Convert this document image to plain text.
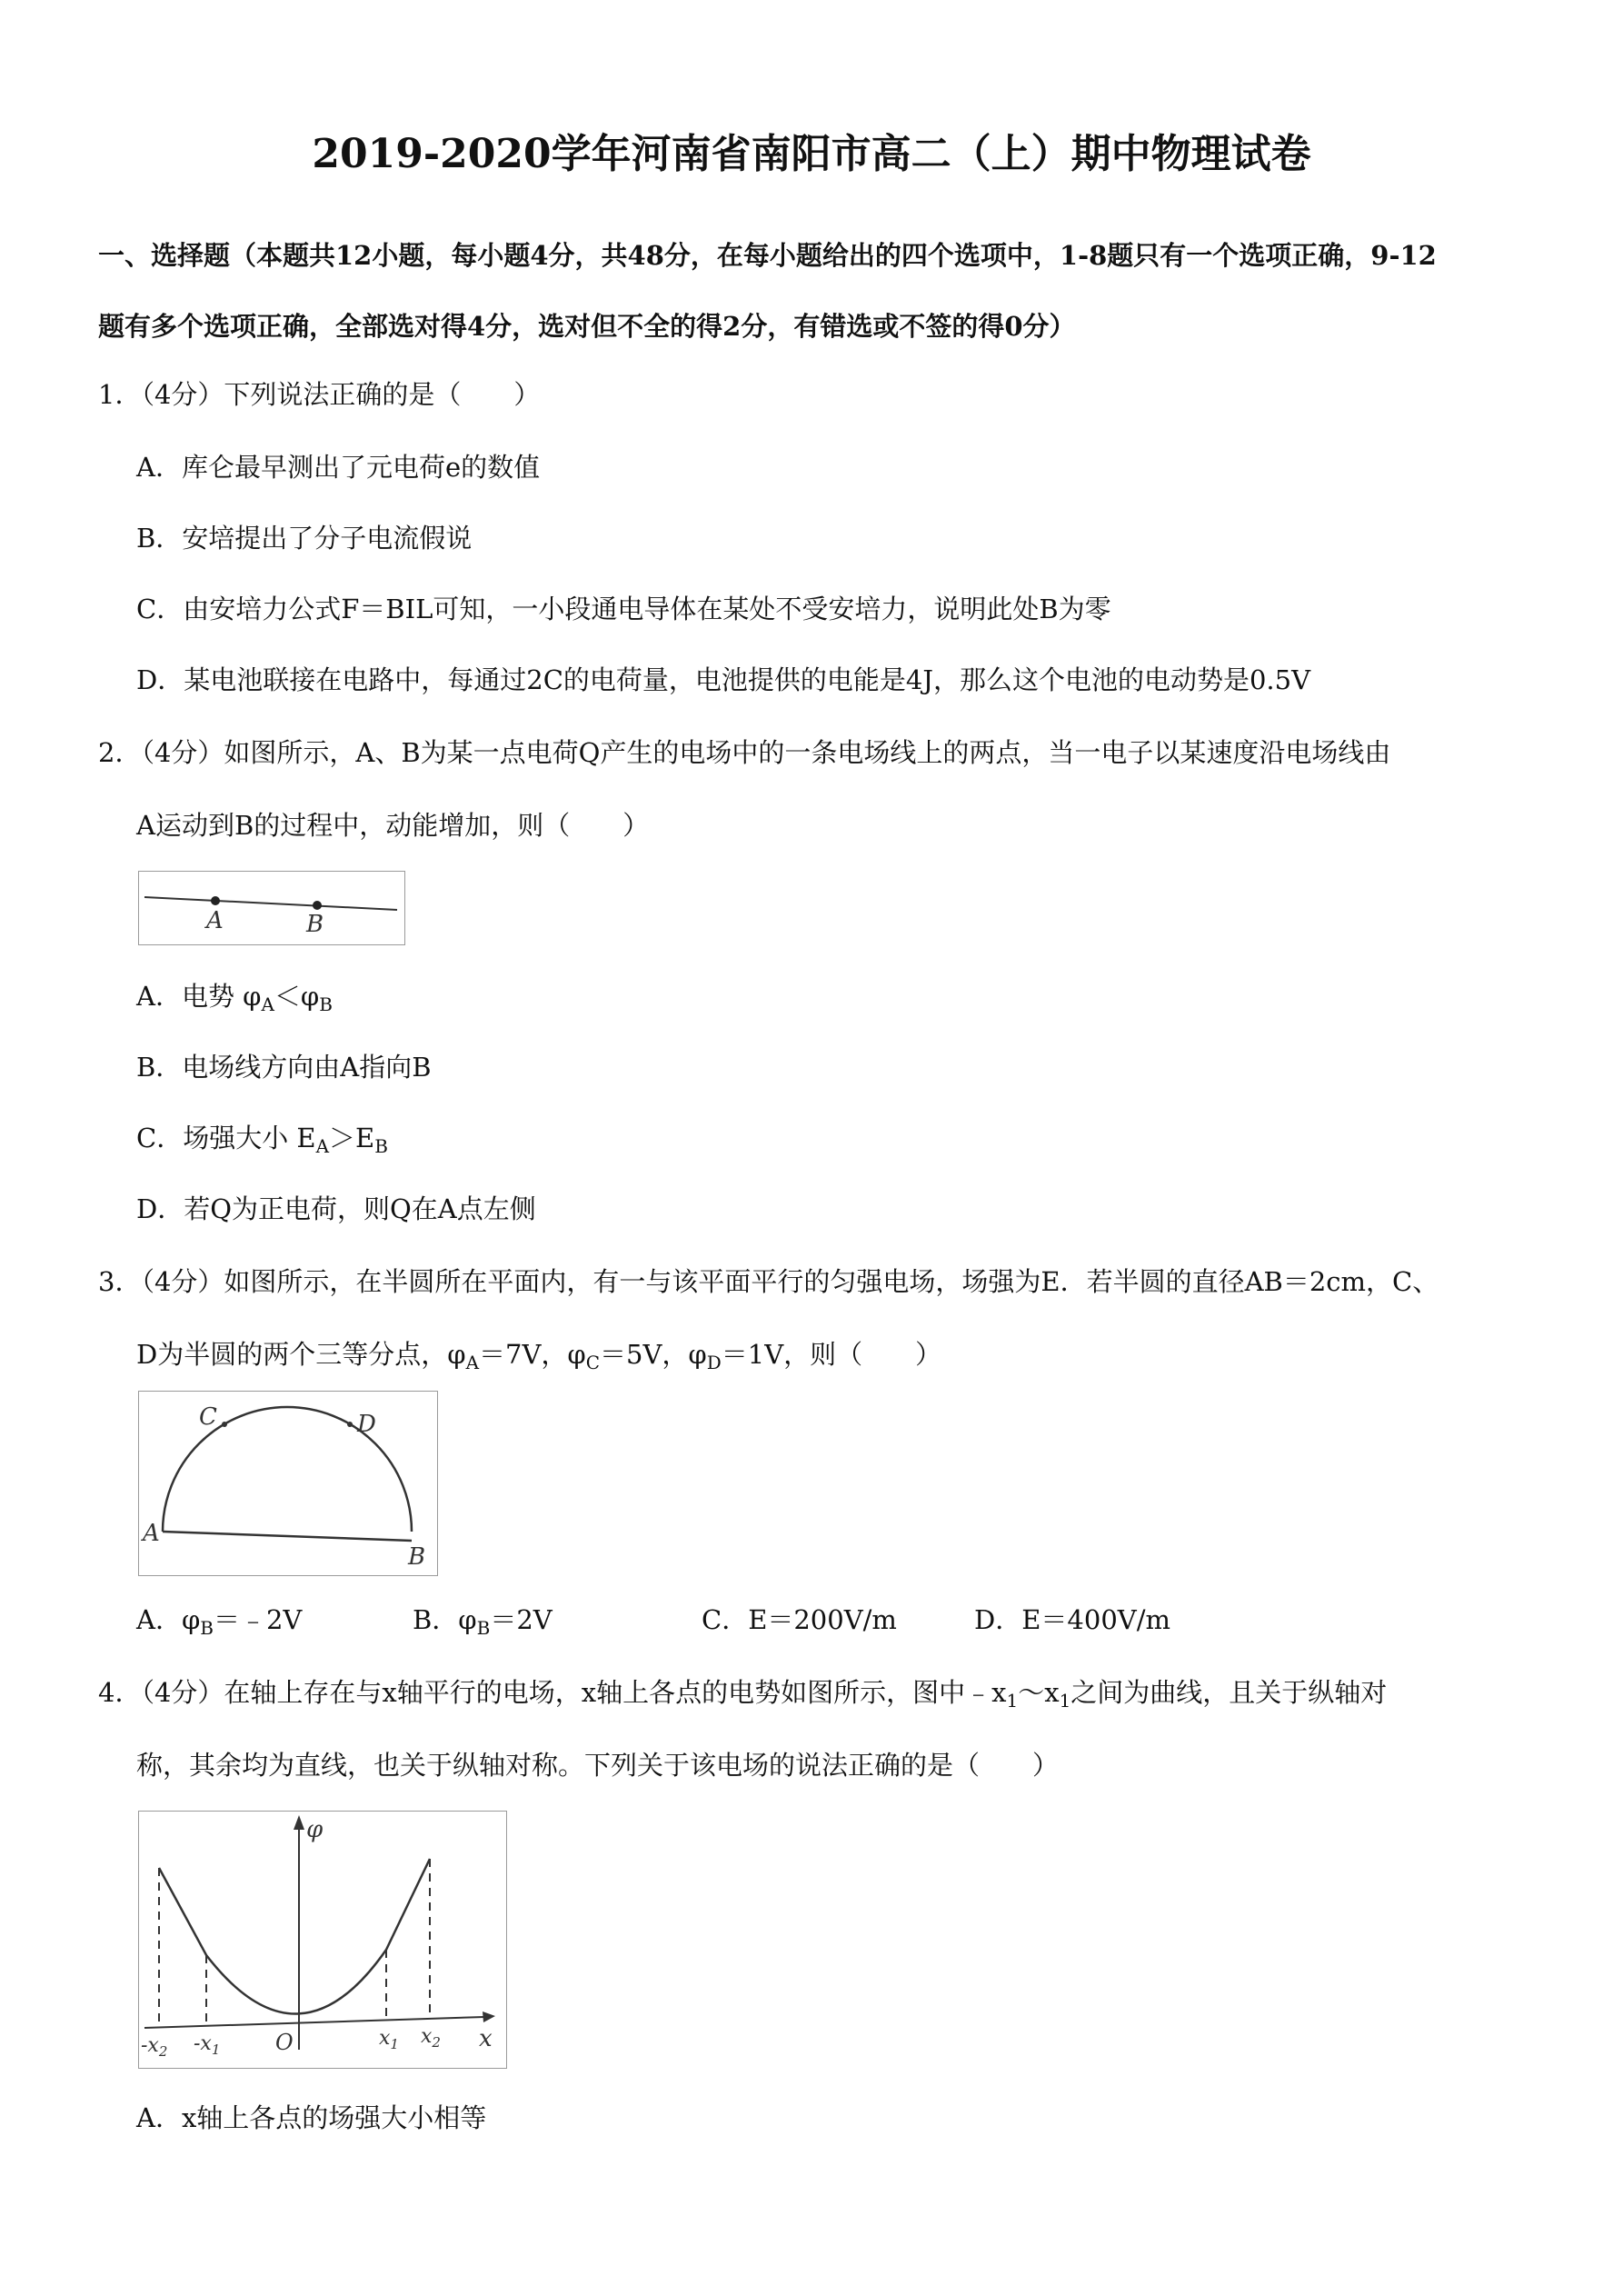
2019-2020学年河南省南阳市高二（上）期中物理试卷
一、选择题（本题共12小题，每小题4分，共48分，在每小题给出的四个选项中，1-8题只有一个选项正确，9-12
题有多个选项正确，全部选对得4分，选对但不全的得2分，有错选或不签的得0分）
1．（4分）下列说法正确的是（　　）
A．库仑最早测出了元电荷e的数值
B．安培提出了分子电流假说
C．由安培力公式F＝BIL可知，一小段通电导体在某处不受安培力，说明此处B为零
D．某电池联接在电路中，每通过2C的电荷量，电池提供的电能是4J，那么这个电池的电动势是0.5V
2．（4分）如图所示，A、B为某一点电荷Q产生的电场中的一条电场线上的两点，当一电子以某速度沿电场线由
A运动到B的过程中，动能增加，则（　　）
A	B
A．电势 $\varphi_A<\varphi_B$
B．电场线方向由A指向B
C．场强大小 $E_A>E_B$
D．若Q为正电荷，则Q在A点左侧
3．（4分）如图所示，在半圆所在平面内，有一与该平面平行的匀强电场，场强为E．若半圆的直径AB＝2cm，C、
D为半圆的两个三等分点，$\varphi_A=7V$，$\varphi_C=5V$，$\varphi_D=1V$，则（　　）
C	D
A
B
A．$\varphi_B=﹣2V$	B．$\varphi_B=2V$	C．E＝200V/m	D．E＝400V/m
4．（4分）在轴上存在与x轴平行的电场，x轴上各点的电势如图所示，图中$﹣x_1\sim x_1$之间为曲线，且关于纵轴对
称，其余均为直线，也关于纵轴对称。下列关于该电场的说法正确的是（　　）
φ
x
O
$-x_2$ $-x_1$	$x_1$ $x_2$
A．x轴上各点的场强大小相等
